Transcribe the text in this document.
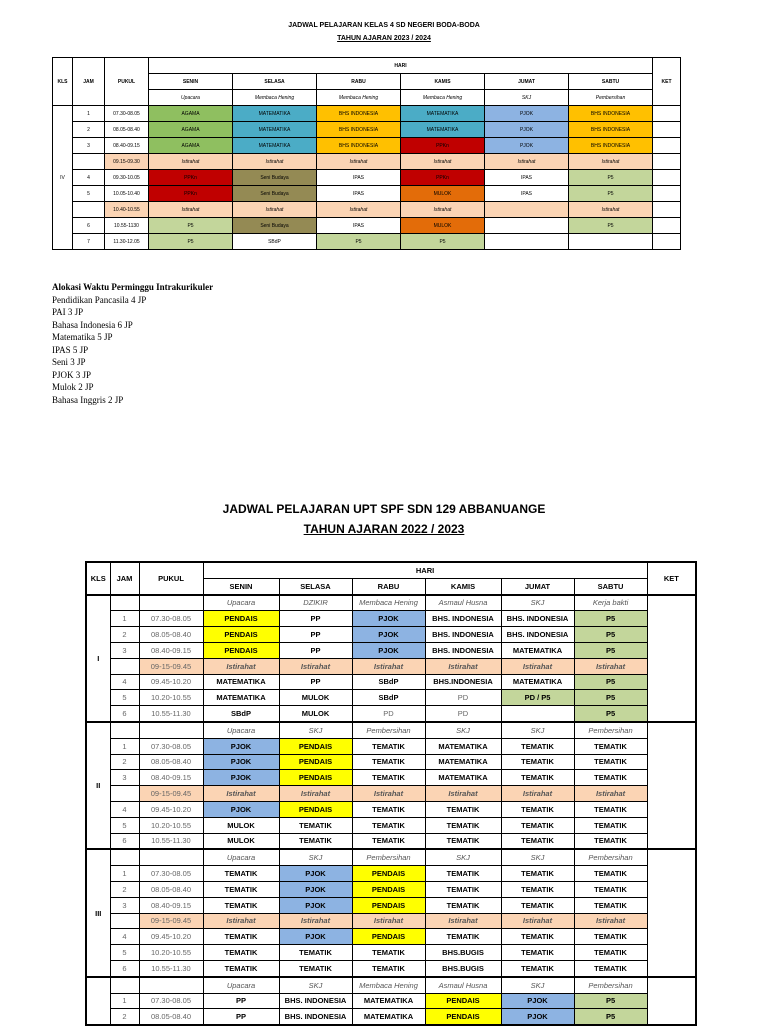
JADWAL PELAJARAN KELAS 4 SD NEGERI BODA-BODA
TAHUN AJARAN 2023 / 2024
KLS	JAM	PUKUL	HARI						KET
			SENIN	SELASA	RABU	KAMIS	JUMAT	SABTU	
			Upacara	Membaca Hening	Membaca Hening	Membaca Hening	SKJ	Pembersihan	
IV	1	07.30-08.05	AGAMA	MATEMATIKA	BHS INDONESIA	MATEMATIKA	PJOK	BHS INDONESIA	
	2	08.05-08.40	AGAMA	MATEMATIKA	BHS INDONESIA	MATEMATIKA	PJOK	BHS INDONESIA	
	3	08.40-09.15	AGAMA	MATEMATIKA	BHS INDONESIA	PPKn	PJOK	BHS INDONESIA	
		09.15-09.30	Istirahat	Istirahat	Istirahat	Istirahat	Istirahat	Istirahat	
	4	09.30-10.05	PPKn	Seni Budaya	IPAS	PPKn	IPAS	P5	
	5	10.05-10.40	PPKn	Seni Budaya	IPAS	MULOK	IPAS	P5	
		10.40-10.55	Istirahat	Istirahat	Istirahat	Istirahat		Istirahat	
	6	10.55-1130	P5	Seni Budaya	IPAS	MULOK		P5	
	7	11.30-12.05	P5	SBdP	P5	P5			
Alokasi Waktu Perminggu Intrakurikuler
Pendidikan Pancasila 4 JP
PAI 3 JP
Bahasa Indonesia 6 JP
Matematika 5 JP
IPAS 5 JP
Seni 3 JP
PJOK 3 JP
Mulok 2 JP
Bahasa Inggris 2 JP
JADWAL PELAJARAN UPT SPF SDN 129 ABBANUANGE
TAHUN AJARAN 2022 / 2023
KLS	JAM	PUKUL	HARI						KET
			SENIN	SELASA	RABU	KAMIS	JUMAT	SABTU	
I			Upacara	DZIKIR	Membaca Hening	Asmaul Husna	SKJ	Kerja bakti	
	1	07.30-08.05	PENDAIS	PP	PJOK	BHS. INDONESIA	BHS. INDONESIA	P5	
	2	08.05-08.40	PENDAIS	PP	PJOK	BHS. INDONESIA	BHS. INDONESIA	P5	
	3	08.40-09.15	PENDAIS	PP	PJOK	BHS. INDONESIA	MATEMATIKA	P5	
		09-15-09.45	Istirahat	Istirahat	Istirahat	Istirahat	Istirahat	Istirahat	
	4	09.45-10.20	MATEMATIKA	PP	SBdP	BHS.INDONESIA	MATEMATIKA	P5	
	5	10.20-10.55	MATEMATIKA	MULOK	SBdP	PD	PD / P5	P5	
	6	10.55-11.30	SBdP	MULOK	PD	PD		P5	
II			Upacara	SKJ	Pembersihan	SKJ	SKJ	Pembersihan	
	1	07.30-08.05	PJOK	PENDAIS	TEMATIK	MATEMATIKA	TEMATIK	TEMATIK	
	2	08.05-08.40	PJOK	PENDAIS	TEMATIK	MATEMATIKA	TEMATIK	TEMATIK	
	3	08.40-09.15	PJOK	PENDAIS	TEMATIK	MATEMATIKA	TEMATIK	TEMATIK	
		09-15-09.45	Istirahat	Istirahat	Istirahat	Istirahat	Istirahat	Istirahat	
	4	09.45-10.20	PJOK	PENDAIS	TEMATIK	TEMATIK	TEMATIK	TEMATIK	
	5	10.20-10.55	MULOK	TEMATIK	TEMATIK	TEMATIK	TEMATIK	TEMATIK	
	6	10.55-11.30	MULOK	TEMATIK	TEMATIK	TEMATIK	TEMATIK	TEMATIK	
III			Upacara	SKJ	Pembersihan	SKJ	SKJ	Pembersihan	
	1	07.30-08.05	TEMATIK	PJOK	PENDAIS	TEMATIK	TEMATIK	TEMATIK	
	2	08.05-08.40	TEMATIK	PJOK	PENDAIS	TEMATIK	TEMATIK	TEMATIK	
	3	08.40-09.15	TEMATIK	PJOK	PENDAIS	TEMATIK	TEMATIK	TEMATIK	
		09-15-09.45	Istirahat	Istirahat	Istirahat	Istirahat	Istirahat	Istirahat	
	4	09.45-10.20	TEMATIK	PJOK	PENDAIS	TEMATIK	TEMATIK	TEMATIK	
	5	10.20-10.55	TEMATIK	TEMATIK	TEMATIK	BHS.BUGIS	TEMATIK	TEMATIK	
	6	10.55-11.30	TEMATIK	TEMATIK	TEMATIK	BHS.BUGIS	TEMATIK	TEMATIK	
			Upacara	SKJ	Membaca Hening	Asmaul Husna	SKJ	Pembersihan	
	1	07.30-08.05	PP	BHS. INDONESIA	MATEMATIKA	PENDAIS	PJOK	P5	
	2	08.05-08.40	PP	BHS. INDONESIA	MATEMATIKA	PENDAIS	PJOK	P5	
